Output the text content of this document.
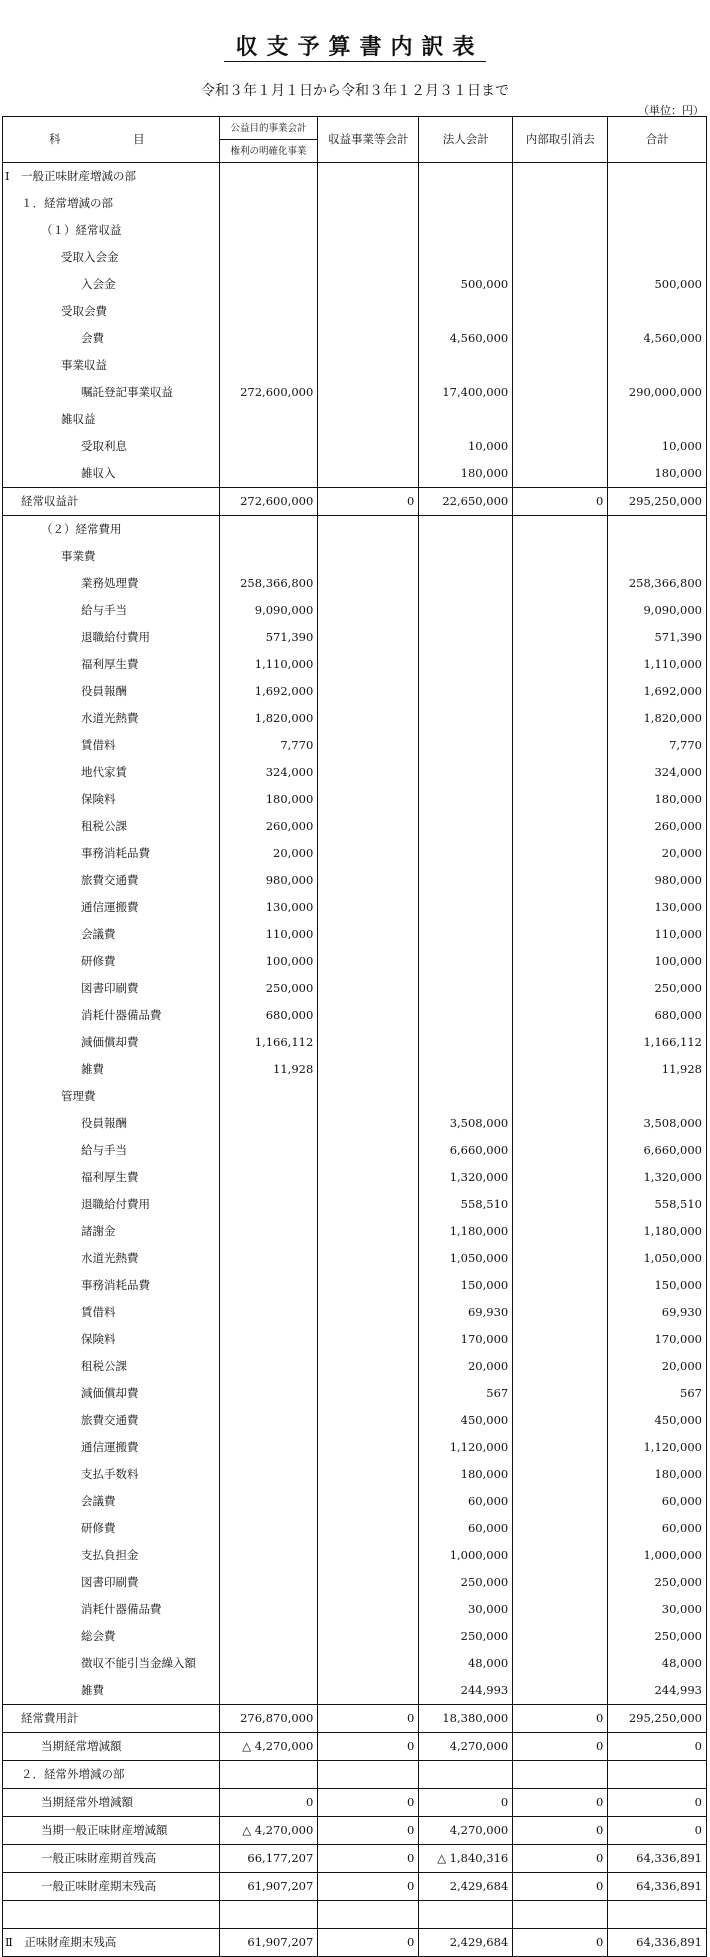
収支予算書内訳表
令和３年１月１日から令和３年１２月３１日まで
（単位：円）
科 目	公益目的事業会計	収益事業等会計	法人会計	内部取引消去	合計
	権利の明確化事業				
Ⅰ　一般正味財産増減の部					
１．経常増減の部					
（１）経常収益					
受取入会金					
入会金			500,000		500,000
受取会費					
会費			4,560,000		4,560,000
事業収益					
嘱託登記事業収益	272,600,000		17,400,000		290,000,000
雑収益					
受取利息			10,000		10,000
雑収入			180,000		180,000
経常収益計	272,600,000	0	22,650,000	0	295,250,000
（２）経常費用					
事業費					
業務処理費	258,366,800				258,366,800
給与手当	9,090,000				9,090,000
退職給付費用	571,390				571,390
福利厚生費	1,110,000				1,110,000
役員報酬	1,692,000				1,692,000
水道光熱費	1,820,000				1,820,000
賃借料	7,770				7,770
地代家賃	324,000				324,000
保険料	180,000				180,000
租税公課	260,000				260,000
事務消耗品費	20,000				20,000
旅費交通費	980,000				980,000
通信運搬費	130,000				130,000
会議費	110,000				110,000
研修費	100,000				100,000
図書印刷費	250,000				250,000
消耗什器備品費	680,000				680,000
減価償却費	1,166,112				1,166,112
雑費	11,928				11,928
管理費					
役員報酬			3,508,000		3,508,000
給与手当			6,660,000		6,660,000
福利厚生費			1,320,000		1,320,000
退職給付費用			558,510		558,510
諸謝金			1,180,000		1,180,000
水道光熱費			1,050,000		1,050,000
事務消耗品費			150,000		150,000
賃借料			69,930		69,930
保険料			170,000		170,000
租税公課			20,000		20,000
減価償却費			567		567
旅費交通費			450,000		450,000
通信運搬費			1,120,000		1,120,000
支払手数料			180,000		180,000
会議費			60,000		60,000
研修費			60,000		60,000
支払負担金			1,000,000		1,000,000
図書印刷費			250,000		250,000
消耗什器備品費			30,000		30,000
総会費			250,000		250,000
徴収不能引当金繰入額			48,000		48,000
雑費			244,993		244,993
経常費用計	276,870,000	0	18,380,000	0	295,250,000
当期経常増減額	△ 4,270,000	0	4,270,000	0	0
２．経常外増減の部					
当期経常外増減額	0	0	0	0	0
当期一般正味財産増減額	△ 4,270,000	0	4,270,000	0	0
一般正味財産期首残高	66,177,207	0	△ 1,840,316	0	64,336,891
一般正味財産期末残高	61,907,207	0	2,429,684	0	64,336,891

Ⅱ　正味財産期末残高	61,907,207	0	2,429,684	0	64,336,891
